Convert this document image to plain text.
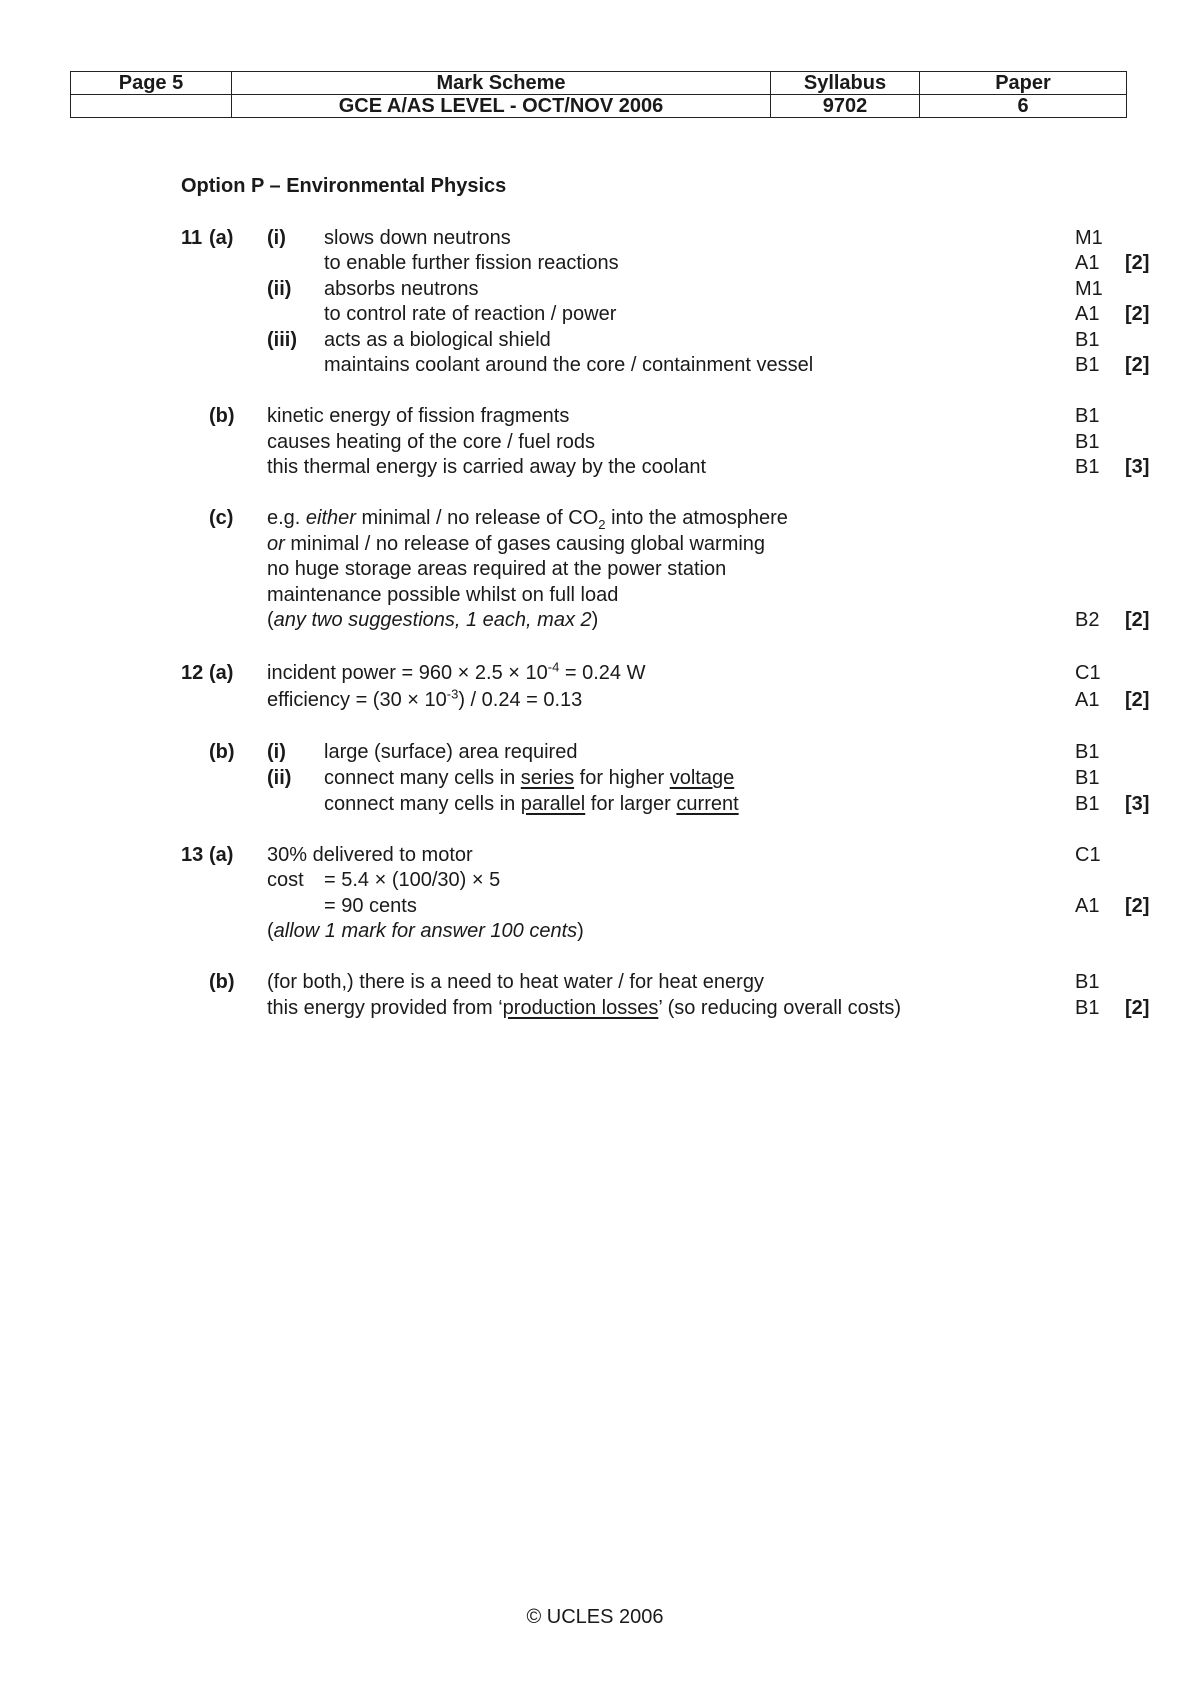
Page 5	Mark Scheme	Syllabus	Paper
	GCE A/AS LEVEL - OCT/NOV 2006	9702	6
Option P – Environmental Physics
11 (a) (i) slows down neutrons	M1
to enable further fission reactions	A1 [2]
(ii) absorbs neutrons	M1
to control rate of reaction / power	A1 [2]
(iii) acts as a biological shield	B1
maintains coolant around the core / containment vessel	B1 [2]
(b) kinetic energy of fission fragments	B1
causes heating of the core / fuel rods	B1
this thermal energy is carried away by the coolant	B1 [3]
(c) e.g. either minimal / no release of $CO_2$ into the atmosphere
or minimal / no release of gases causing global warming
no huge storage areas required at the power station
maintenance possible whilst on full load
(any two suggestions, 1 each, max 2)	B2 [2]
12 (a) incident power = $960 \times 2.5 \times 10^{-4} = 0.24$ W	C1
efficiency = $(30 \times 10^{-3}) / 0.24 = 0.13$	A1 [2]
(b) (i) large (surface) area required	B1
(ii) connect many cells in series for higher voltage	B1
connect many cells in parallel for larger current	B1 [3]
13 (a) 30% delivered to motor	C1
cost = 5.4 × (100/30) × 5
= 90 cents	A1 [2]
(allow 1 mark for answer 100 cents)
(b) (for both,) there is a need to heat water / for heat energy	B1
this energy provided from ‘production losses’ (so reducing overall costs)	B1 [2]
© UCLES 2006
